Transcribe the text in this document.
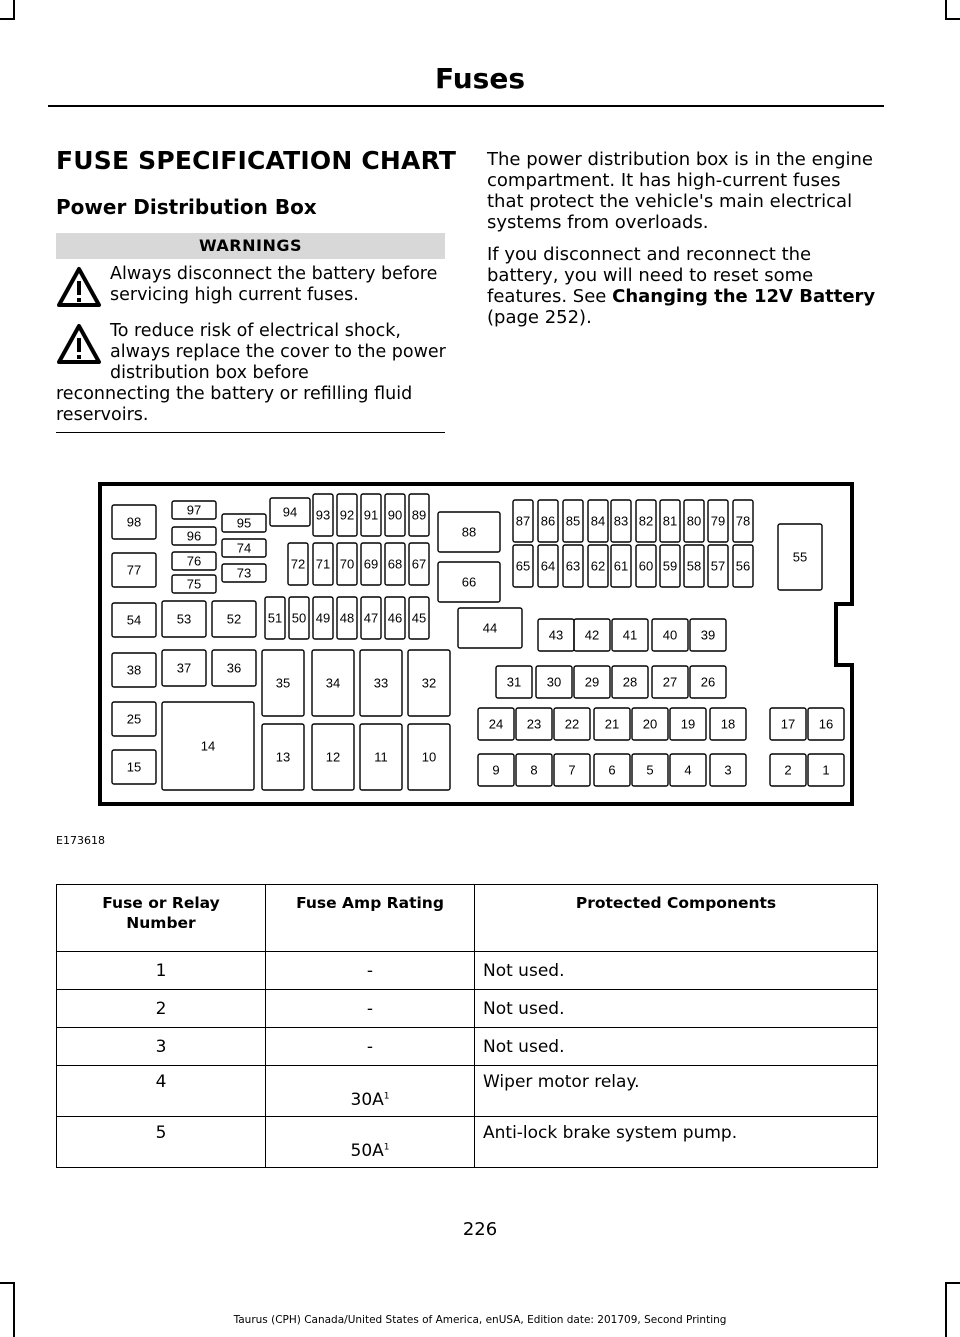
Fuses
FUSE SPECIFICATION CHART
Power Distribution Box
WARNINGS
Always disconnect the battery before servicing high current fuses.
To reduce risk of electrical shock, always replace the cover to the power distribution box before
reconnecting the battery or refilling fluid reservoirs.
The power distribution box is in the engine compartment. It has high-current fuses that protect the vehicle's main electrical systems from overloads.
If you disconnect and reconnect the battery, you will need to reset some features. See Changing the 12V Battery (page 252).
98
77
54
38
25
15
97
96
76
75
95
74
73
53	52
37	36
14
94 93 92 91 90 89
72 71 70 69 68 67
51 50 49 48 47 46 45
35	34	33	32
13	12	11	10
88
66
44
87 86 85 84 83 82 81 80 79 78
65 64 63 62 61 60 59 58 57 56
55
43 42 41 40 39
31 30 29 28 27 26
24 23 22 21 20 19 18
9 8 7	6 5 4	3
17 16
2 1
E173618
Fuse or Relay Number	Fuse Amp Rating	Protected Components
1	-	Not used.
2	-	Not used.
3	-	Not used.
4	$30A^1$	Wiper motor relay.
5	$50A^1$	Anti-lock brake system pump.
226
Taurus (CPH) Canada/United States of America, enUSA, Edition date: 201709, Second Printing
